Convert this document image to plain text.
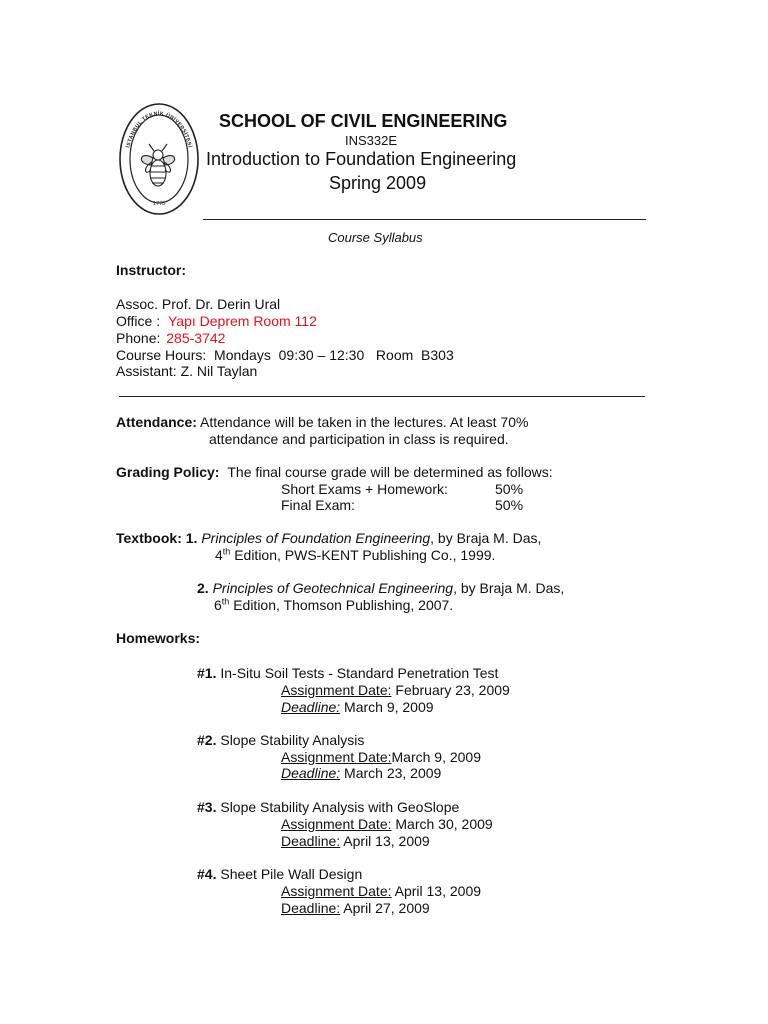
İSTANBUL TEKNİK ÜNİVERSİTESİ
1773
SCHOOL OF CIVIL ENGINEERING
INS332E
Introduction to Foundation Engineering
Spring 2009
Course Syllabus
Instructor:
Assoc. Prof. Dr. Derin Ural
Office : Yapı Deprem Room 112
Phone: 285-3742
Course Hours:  Mondays  09:30 – 12:30   Room  B303
Assistant: Z. Nil Taylan
Attendance: Attendance will be taken in the lectures. At least 70%
attendance and participation in class is required.
Grading Policy: The final course grade will be determined as follows:
Short Exams + Homework:	50%
Final Exam:	50%
Textbook: 1. Principles of Foundation Engineering, by Braja M. Das,
4th Edition, PWS-KENT Publishing Co., 1999.
2. Principles of Geotechnical Engineering, by Braja M. Das,
6th Edition, Thomson Publishing, 2007.
Homeworks:
#1. In-Situ Soil Tests - Standard Penetration Test
Assignment Date: February 23, 2009
Deadline: March 9, 2009
#2. Slope Stability Analysis
Assignment Date:March 9, 2009
Deadline: March 23, 2009
#3. Slope Stability Analysis with GeoSlope
Assignment Date: March 30, 2009
Deadline: April 13, 2009
#4. Sheet Pile Wall Design
Assignment Date: April 13, 2009
Deadline: April 27, 2009
